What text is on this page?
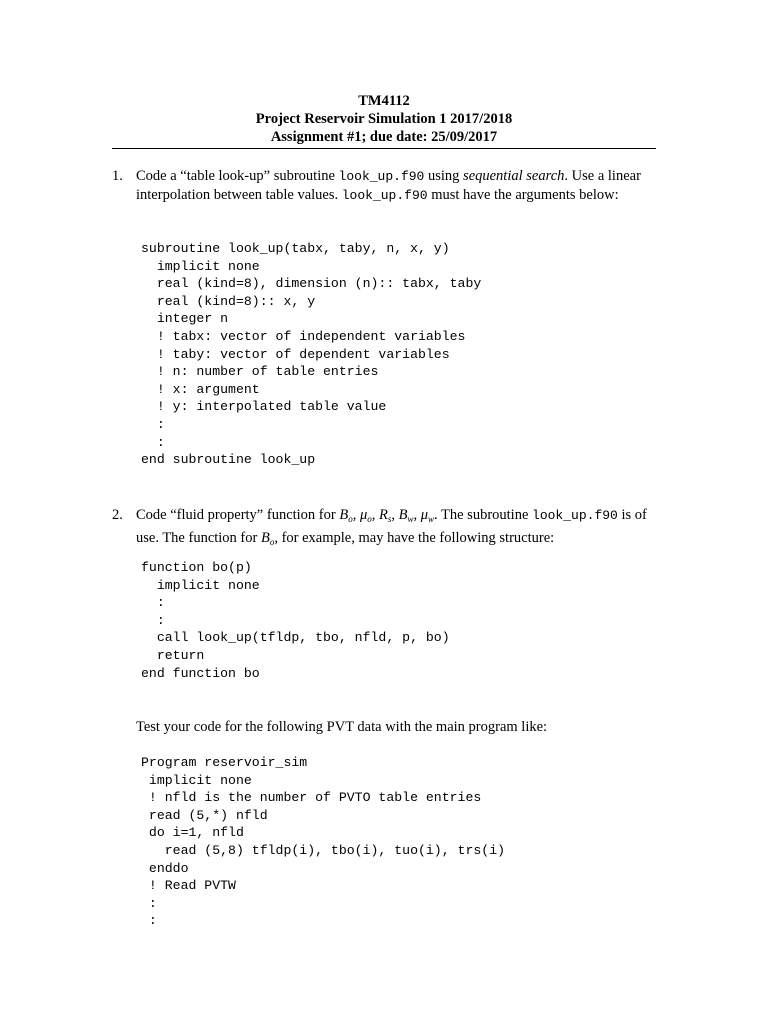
TM4112
Project Reservoir Simulation 1 2017/2018
Assignment #1; due date: 25/09/2017
1. Code a “table look-up” subroutine look_up.f90 using sequential search. Use a linear interpolation between table values. look_up.f90 must have the arguments below:
subroutine look_up(tabx, taby, n, x, y)
implicit none
real (kind=8), dimension (n):: tabx, taby
real (kind=8):: x, y
integer n
! tabx: vector of independent variables
! taby: vector of dependent variables
! n: number of table entries
! x: argument
! y: interpolated table value
:
:
end subroutine look_up
2. Code “fluid property” function for $B_o$, $\mu_o$, $R_s$, $B_w$, $\mu_w$. The subroutine look_up.f90 is of use. The function for $B_o$, for example, may have the following structure:
function bo(p)
implicit none
:
:
call look_up(tfldp, tbo, nfld, p, bo)
return
end function bo
Test your code for the following PVT data with the main program like:
Program reservoir_sim
implicit none
! nfld is the number of PVTO table entries
read (5,*) nfld
do i=1, nfld
read (5,8) tfldp(i), tbo(i), tuo(i), trs(i)
enddo
! Read PVTW
:
:
